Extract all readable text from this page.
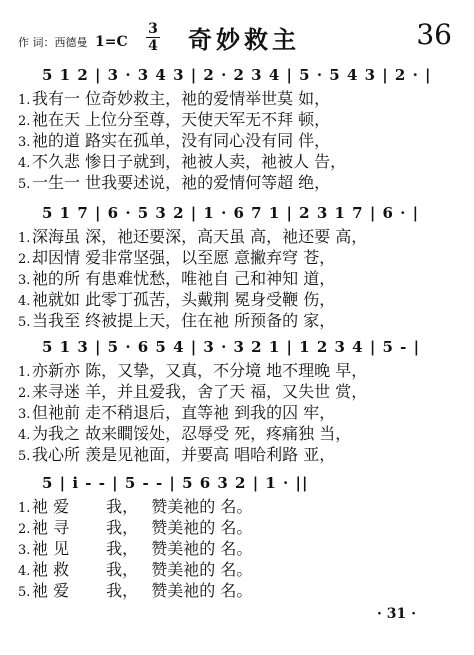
作 词：西德曼 1=C
3
4 奇妙救主	36
5 1 2 | 3 · 3 4 3 | 2 · 2 3 4 | 5 · 5 4 3 | 2 · |
1.我有一 位奇妙救主，祂的爱情举世莫 如，
2.祂在天 上位分至尊，天使天军无不拜 顿，
3.祂的道 路实在孤单，没有同心没有同 伴，
4.不久悲 惨日子就到，祂被人卖，祂被人 告，
5.一生一 世我要述说，祂的爱情何等超 绝，
5 1 7 | 6 · 5 3 2 | 1 · 6 7 1 | 2 3 1 7 | 6 · |
1.深海虽 深，祂还要深，高天虽 高，祂还要 高，
2.却因情 爱非常坚强，以至愿 意撇弃穹 苍，
3.祂的所 有患难忧愁，唯祂自 己和神知 道，
4.祂就如 此零丁孤苦，头戴荆 冕身受鞭 伤，
5.当我至 终被提上天，住在祂 所预备的 家，
5 1 3 | 5 · 6 5 4 | 3 · 3 2 1 | 1 2 3 4 | 5 - |
1.亦新亦 陈，又挚，又真，不分境 地不理晚 早，
2.来寻迷 羊，并且爱我，舍了天 福，又失世 赏，
3.但祂前 走不稍退后，直等祂 到我的囚 牢，
4.为我之 故来瞷馁处，忍辱受 死，疼痛独 当，
5.我心所 羡是见祂面，并要高 唱哈利路 亚，
5 | i - - | 5 - - | 5 6 3 2 | 1 · ||
1.祂 爱　　 我，　 赞美祂的 名。
2.祂 寻　　 我，　 赞美祂的 名。
3.祂 见　　 我，　 赞美祂的 名。
4.祂 救　　 我，　 赞美祂的 名。
5.祂 爱　　 我，　 赞美祂的 名。
· 31 ·
